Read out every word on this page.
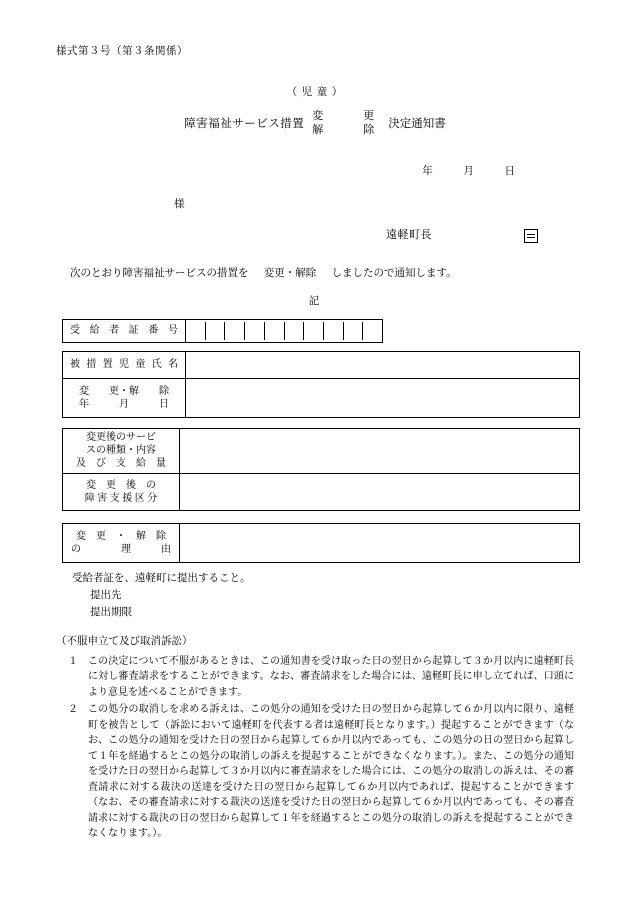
様式第３号（第３条関係）
（ 児 童 ）
障害福祉サービス措置
変　　更
解　　除
決定通知書
年	月	日
様
遠軽町長
次のとおり障害福祉サービスの措置を 変更・解除 しましたので通知します。
記
受 給 者 証 番 号	

被措置児童氏名	

変　　更・解　　除
年　　　月　　　日	

変更後のサービ
スの種類・内容
及　び　支　給　量	

変　更　後　の
障 害 支 援 区 分	

変　更　・　解　除
の　　　　理　　　由

受給者証を、遠軽町に提出すること。
提出先
提出期限
（不服申立て及び取消訴訟）
１ この決定について不服があるときは、この通知書を受け取った日の翌日から起算して３か月以内に遠軽町長に対し審査請求をすることができます。なお、審査請求をした場合には、遠軽町長に申し立てれば、口頭により意見を述べることができます。
２ この処分の取消しを求める訴えは、この処分の通知を受けた日の翌日から起算して６か月以内に限り、遠軽町を被告として（訴訟において遠軽町を代表する者は遠軽町長となります。）提起することができます（なお、この処分の通知を受けた日の翌日から起算して６か月以内であっても、この処分の日の翌日から起算して１年を経過するとこの処分の取消しの訴えを提起することができなくなります。）。また、この処分の通知を受けた日の翌日から起算して３か月以内に審査請求をした場合には、この処分の取消しの訴えは、その審査請求に対する裁決の送達を受けた日の翌日から起算して６か月以内であれば、提起することができます（なお、その審査請求に対する裁決の送達を受けた日の翌日から起算して６か月以内であっても、その審査請求に対する裁決の日の翌日から起算して１年を経過するとこの処分の取消しの訴えを提起することができなくなります。）。
